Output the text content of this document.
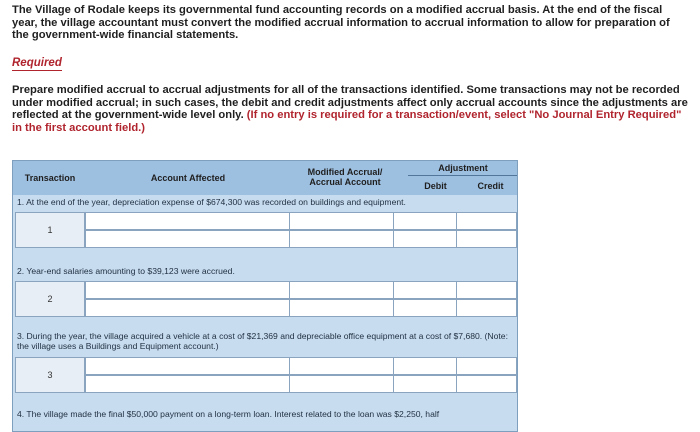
The Village of Rodale keeps its governmental fund accounting records on a modified accrual basis. At the end of the fiscal year, the village accountant must convert the modified accrual information to accrual information to allow for preparation of the government-wide financial statements.
Required
Prepare modified accrual to accrual adjustments for all of the transactions identified. Some transactions may not be recorded under modified accrual; in such cases, the debit and credit adjustments affect only accrual accounts since the adjustments are reflected at the government-wide level only. (If no entry is required for a transaction/event, select "No Journal Entry Required" in the first account field.)
Transaction	Account Affected
Modified Accrual/
Accrual Account
Adjustment
Debit	Credit
1. At the end of the year, depreciation expense of $674,300 was recorded on buildings and equipment.
1
2. Year-end salaries amounting to $39,123 were accrued.
2
3. During the year, the village acquired a vehicle at a cost of $21,369 and depreciable office equipment at a cost of $7,680. (Note: the village uses a Buildings and Equipment account.)
3
4. The village made the final $50,000 payment on a long-term loan. Interest related to the loan was $2,250, half
